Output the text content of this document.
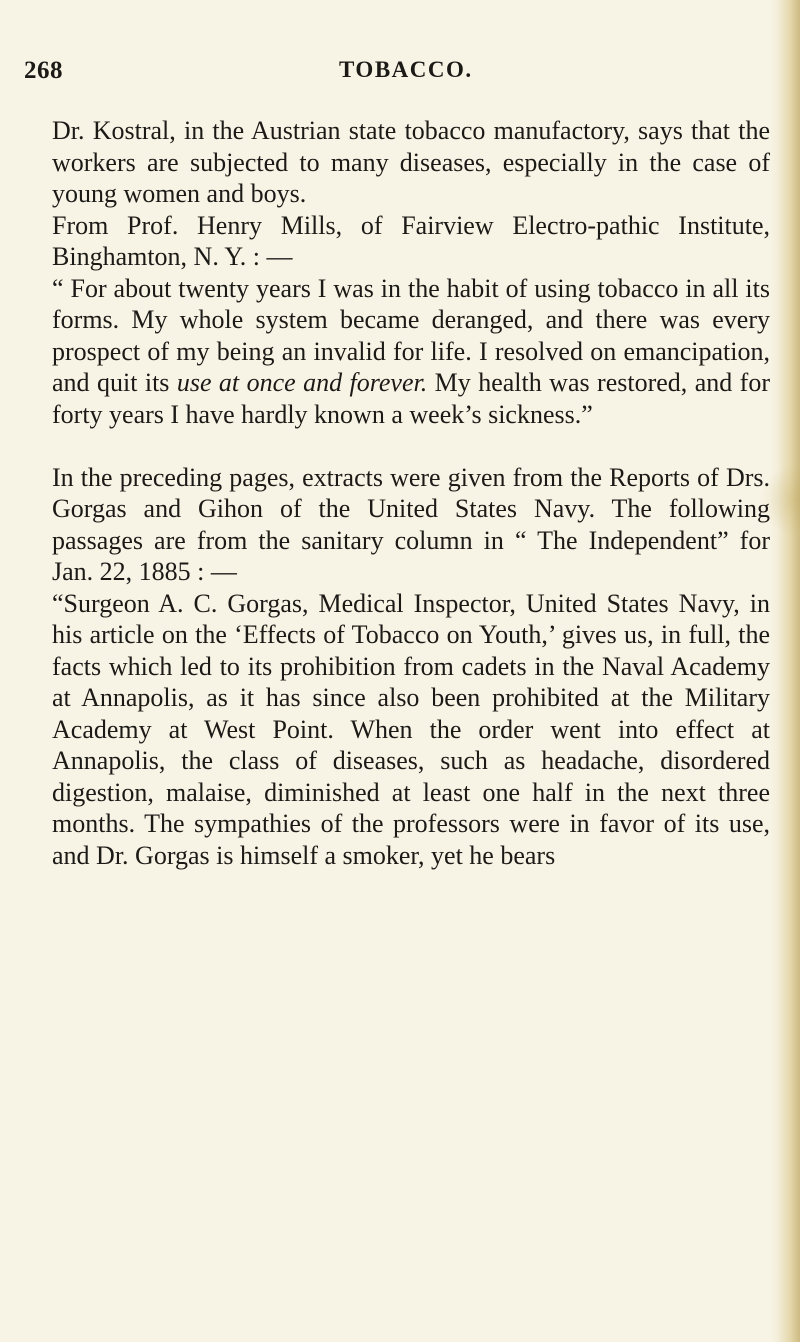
268	TOBACCO.

Dr. Kostral, in the Austrian state tobacco manufactory, says that the workers are subjected to many diseases, especially in the case of young women and boys.

From Prof. Henry Mills, of Fairview Electro-pathic Institute, Binghamton, N. Y. : —

“ For about twenty years I was in the habit of using tobacco in all its forms. My whole system became deranged, and there was every prospect of my being an invalid for life. I resolved on emancipation, and quit its use at once and forever. My health was restored, and for forty years I have hardly known a week’s sickness.”

In the preceding pages, extracts were given from the Reports of Drs. Gorgas and Gihon of the United States Navy. The following passages are from the sanitary column in “ The Independent” for Jan. 22, 1885 : —

“Surgeon A. C. Gorgas, Medical Inspector, United States Navy, in his article on the ‘Effects of Tobacco on Youth,’ gives us, in full, the facts which led to its prohibition from cadets in the Naval Academy at Annapolis, as it has since also been prohibited at the Military Academy at West Point. When the order went into effect at Annapolis, the class of diseases, such as headache, disordered digestion, malaise, diminished at least one half in the next three months. The sympathies of the professors were in favor of its use, and Dr. Gorgas is himself a smoker, yet he bears
